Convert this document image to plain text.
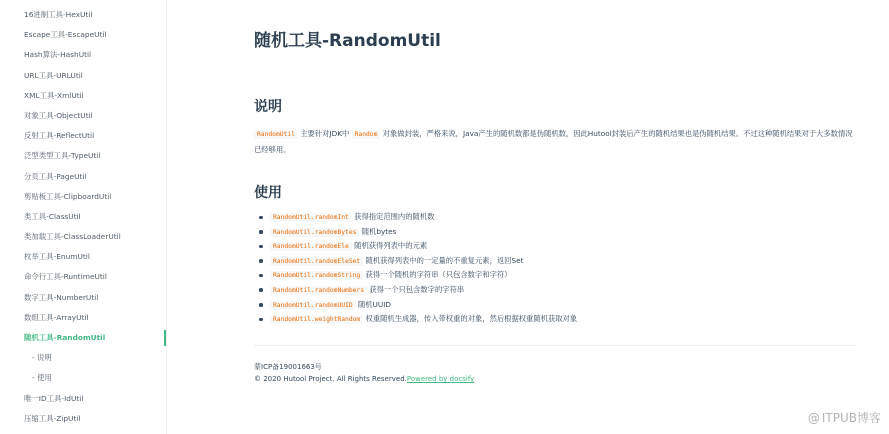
16进制工具-HexUtil
Escape工具-EscapeUtil
Hash算法-HashUtil
URL工具-URLUtil
XML工具-XmlUtil
对象工具-ObjectUtil
反射工具-ReflectUtil
泛型类型工具-TypeUtil
分页工具-PageUtil
剪贴板工具-ClipboardUtil
类工具-ClassUtil
类加载工具-ClassLoaderUtil
枚举工具-EnumUtil
命令行工具-RuntimeUtil
数字工具-NumberUtil
数组工具-ArrayUtil
随机工具-RandomUtil
- 说明
- 使用
唯一ID工具-IdUtil
压缩工具-ZipUtil
随机工具-RandomUtil
说明

RandomUtil 主要针对JDK中 Random 对象做封装，严格来说，Java产生的随机数都是伪随机数，因此Hutool封装后产生的随机结果也是伪随机结果。不过这种随机结果对于大多数情况已经够用。

使用
RandomUtil.randomInt 获得指定范围内的随机数
RandomUtil.randomBytes 随机bytes
RandomUtil.randomEle 随机获得列表中的元素
RandomUtil.randomEleSet 随机获得列表中的一定量的不重复元素，返回Set
RandomUtil.randomString 获得一个随机的字符串（只包含数字和字符）
RandomUtil.randomNumbers 获得一个只包含数字的字符串
RandomUtil.randomUUID 随机UUID
RandomUtil.weightRandom 权重随机生成器，传入带权重的对象，然后根据权重随机获取对象
蒙ICP备19001663号
© 2020 Hutool Project. All Rights Reserved.Powered by docsify
@ ITPUB博客
